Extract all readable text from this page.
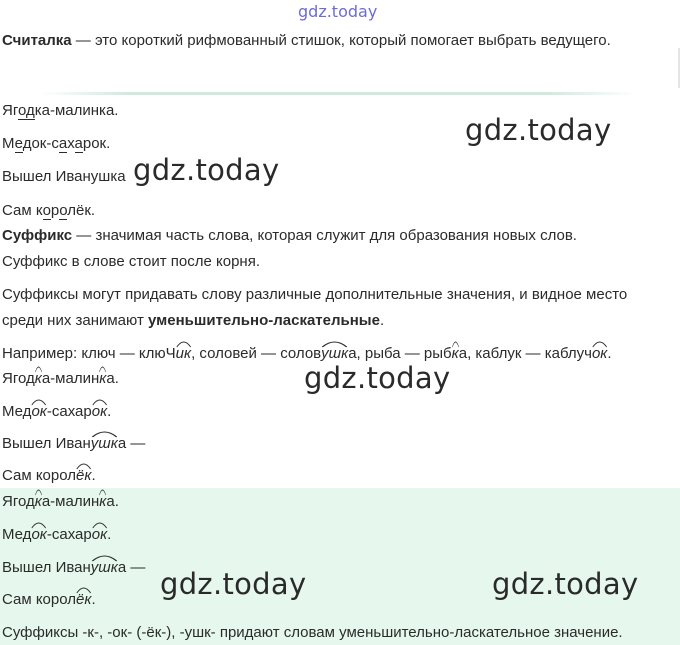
gdz.today
Считалка — это короткий рифмованный стишок, который помогает выбрать ведущего.
Ягодка-малинка.
Медок-сахарок.
Вышел Иванушка
Сам королёк.
Суффикс — значимая часть слова, которая служит для образования новых слов.
Суффикс в слове стоит после корня.
Суффиксы могут придавать слову различные дополнительные значения, и видное место
среди них занимают уменьшительно-ласкательные.
Например: ключ — клюЧ
ик, соловей — солов
ушка, рыба — рыб
ка, каблук — каблуч
ок.
Ягод
ка-малин
ка.
Мед
ок-сахар
ок.
Вышел Иван
ушка —
Сам корол
ёк.
Ягод
ка-малин
ка.
Мед
ок-сахар
ок.
Вышел Иван
ушка —
Сам корол
ёк.
Суффиксы -к-, -ок- (-ёк-), -ушк- придают словам уменьшительно-ласкательное значение.
gdz.today
gdz.today
gdz.today
gdz.today	gdz.today
